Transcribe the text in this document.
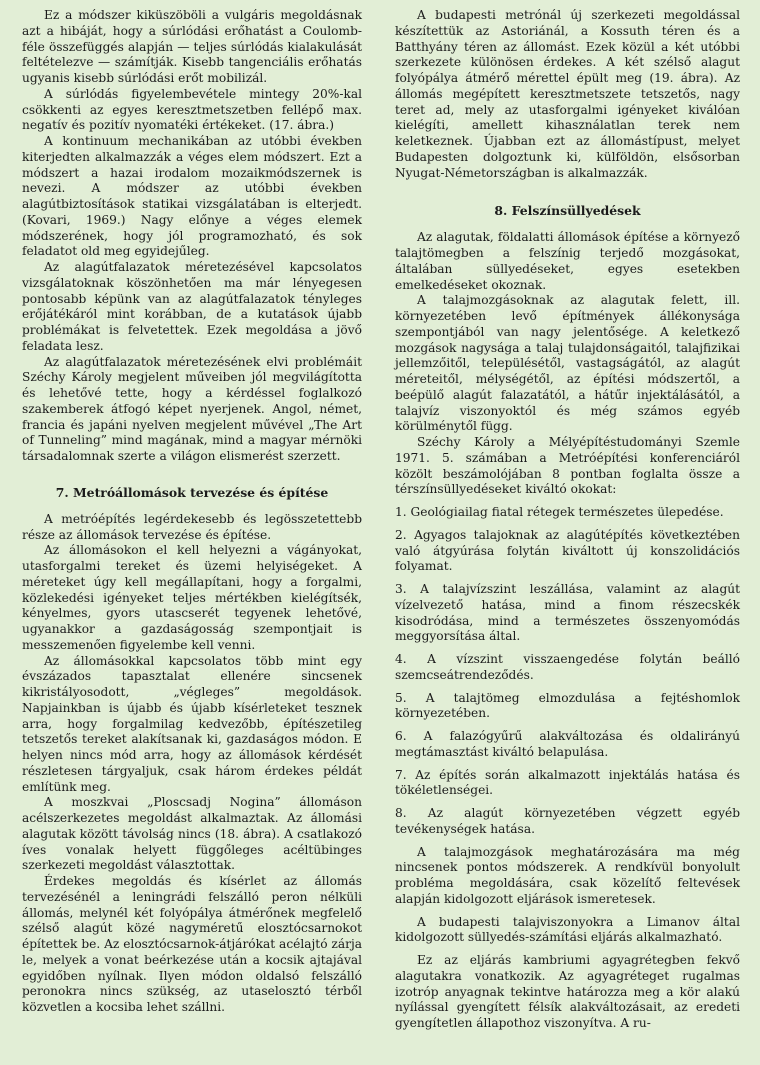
Ez a módszer kiküszöböli a vulgáris megoldásnak azt a hibáját, hogy a súrlódási erőhatást a Coulomb-féle összefüggés alapján — teljes súrlódás kialakulását feltételezve — számítják. Kisebb tangenciális erőhatás ugyanis kisebb súrlódási erőt mobilizál.

A súrlódás figyelembevétele mintegy 20%-kal csökkenti az egyes keresztmetszetben fellépő max. negatív és pozitív nyomatéki értékeket. (17. ábra.)

A kontinuum mechanikában az utóbbi években kiterjedten alkalmazzák a véges elem módszert. Ezt a módszert a hazai irodalom mozaikmódszernek is nevezi. A módszer az utóbbi években alagútbiztosítások statikai vizsgálatában is elterjedt. (Kovari, 1969.) Nagy előnye a véges elemek módszerének, hogy jól programozható, és sok feladatot old meg egyidejűleg.

Az alagútfalazatok méretezésével kapcsolatos vizsgálatoknak köszönhetően ma már lényegesen pontosabb képünk van az alagútfalazatok tényleges erőjátékáról mint korábban, de a kutatások újabb problémákat is felvetettek. Ezek megoldása a jövő feladata lesz.

Az alagútfalazatok méretezésének elvi problémáit Széchy Károly megjelent műveiben jól megvilágította és lehetővé tette, hogy a kérdéssel foglalkozó szakemberek átfogó képet nyerjenek. Angol, német, francia és japáni nyelven megjelent művével „The Art of Tunneling” mind magának, mind a magyar mérnöki társadalomnak szerte a világon elismerést szerzett.

7. Metróállomások tervezése és építése

A metróépítés legérdekesebb és legösszetettebb része az állomások tervezése és építése.

Az állomásokon el kell helyezni a vágányokat, utasforgalmi tereket és üzemi helyiségeket. A méreteket úgy kell megállapítani, hogy a forgalmi, közlekedési igényeket teljes mértékben kielégítsék, kényelmes, gyors utascserét tegyenek lehetővé, ugyanakkor a gazdaságosság szempontjait is messzemenően figyelembe kell venni.

Az állomásokkal kapcsolatos több mint egy évszázados tapasztalat ellenére sincsenek kikristályosodott, „végleges” megoldások. Napjainkban is újabb és újabb kísérleteket tesznek arra, hogy forgalmilag kedvezőbb, építészetileg tetszetős tereket alakítsanak ki, gazdaságos módon. E helyen nincs mód arra, hogy az állomások kérdését részletesen tárgyaljuk, csak három érdekes példát említünk meg.

A moszkvai „Ploscsadj Nogina” állomáson acélszerkezetes megoldást alkalmaztak. Az állomási alagutak között távolság nincs (18. ábra). A csatlakozó íves vonalak helyett függőleges acéltübinges szerkezeti megoldást választottak.

Érdekes megoldás és kísérlet az állomás tervezésénél a leningrádi felszálló peron nélküli állomás, melynél két folyópálya átmérőnek megfelelő szélső alagút közé nagyméretű elosztócsarnokot építettek be. Az elosztócsarnok-átjárókat acélajtó zárja le, melyek a vonat beérkezése után a kocsik ajtajával egyidőben nyílnak. Ilyen módon oldalsó felszálló peronokra nincs szükség, az utaselosztó térből közvetlen a kocsiba lehet szállni.

A budapesti metrónál új szerkezeti megoldással készítettük az Astoriánál, a Kossuth téren és a Batthyány téren az állomást. Ezek közül a két utóbbi szerkezete különösen érdekes. A két szélső alagut folyópálya átmérő mérettel épült meg (19. ábra). Az állomás megépített keresztmetszete tetszetős, nagy teret ad, mely az utasforgalmi igényeket kiválóan kielégíti, amellett kihasználatlan terek nem keletkeznek. Újabban ezt az állomástípust, melyet Budapesten dolgoztunk ki, külföldön, elsősorban Nyugat-Németországban is alkalmazzák.

8. Felszínsüllyedések

Az alagutak, földalatti állomások építése a környező talajtömegben a felszínig terjedő mozgásokat, általában süllyedéseket, egyes esetekben emelkedéseket okoznak.

A talajmozgásoknak az alagutak felett, ill. környezetében levő építmények állékonysága szempontjából van nagy jelentősége. A keletkező mozgások nagysága a talaj tulajdonságaitól, talajfizikai jellemzőitől, településétől, vastagságától, az alagút méreteitől, mélységétől, az építési módszertől, a beépülő alagút falazatától, a hátűr injektálásától, a talajvíz viszonyoktól és még számos egyéb körülménytől függ.

Széchy Károly a Mélyépítéstudományi Szemle 1971. 5. számában a Metróépítési konferenciáról közölt beszámolójában 8 pontban foglalta össze a térszínsüllyedéseket kiváltó okokat:

1. Geológiailag fiatal rétegek természetes ülepedése.

2. Agyagos talajoknak az alagútépítés következtében való átgyúrása folytán kiváltott új konszolidációs folyamat.

3. A talajvízszint leszállása, valamint az alagút vízelvezető hatása, mind a finom részecskék kisodródása, mind a természetes összenyomódás meggyorsítása által.

4. A vízszint visszaengedése folytán beálló szemcseátrendeződés.

5. A talajtömeg elmozdulása a fejtéshomlok környezetében.

6. A falazógyűrű alakváltozása és oldalirányú megtámasztást kiváltó belapulása.

7. Az építés során alkalmazott injektálás hatása és tökéletlenségei.

8. Az alagút környezetében végzett egyéb tevékenységek hatása.

A talajmozgások meghatározására ma még nincsenek pontos módszerek. A rendkívül bonyolult probléma megoldására, csak közelítő feltevések alapján kidolgozott eljárások ismeretesek.

A budapesti talajviszonyokra a Limanov által kidolgozott süllyedés-számítási eljárás alkalmazható.

Ez az eljárás kambriumi agyagrétegben fekvő alagutakra vonatkozik. Az agyagréteget rugalmas izotróp anyagnak tekintve határozza meg a kör alakú nyílással gyengített félsík alakváltozásait, az eredeti gyengítetlen állapothoz viszonyítva. A ru-
